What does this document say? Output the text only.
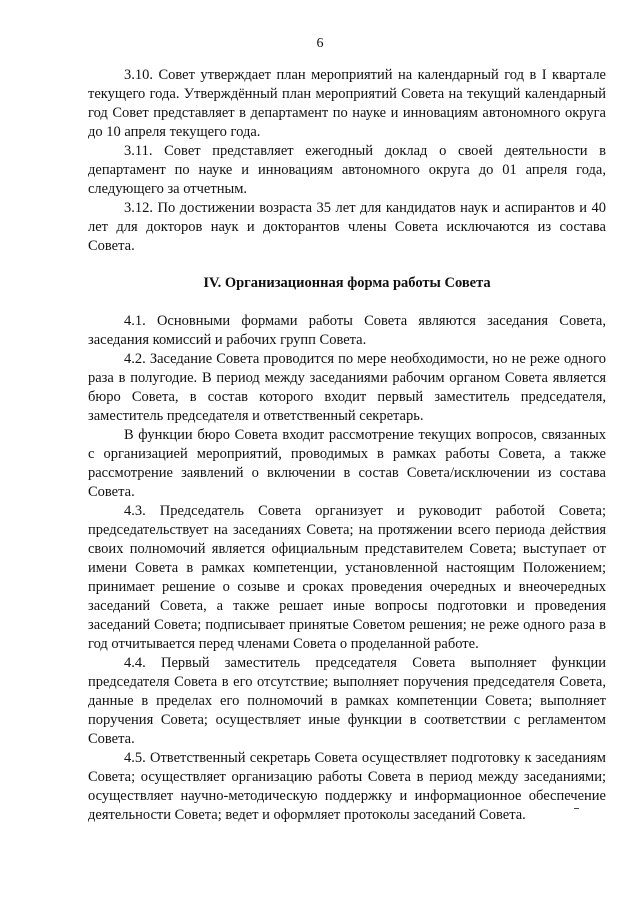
6

3.10. Совет утверждает план мероприятий на календарный год в I квартале текущего года. Утверждённый план мероприятий Совета на текущий календарный год Совет представляет в департамент по науке и инновациям автономного округа до 10 апреля текущего года.

3.11. Совет представляет ежегодный доклад о своей деятельности в департамент по науке и инновациям автономного округа до 01 апреля года, следующего за отчетным.

3.12. По достижении возраста 35 лет для кандидатов наук и аспирантов и 40 лет для докторов наук и докторантов члены Совета исключаются из состава Совета.

IV. Организационная форма работы Совета

4.1. Основными формами работы Совета являются заседания Совета, заседания комиссий и рабочих групп Совета.

4.2. Заседание Совета проводится по мере необходимости, но не реже одного раза в полугодие. В период между заседаниями рабочим органом Совета является бюро Совета, в состав которого входит первый заместитель председателя, заместитель председателя и ответственный секретарь.

В функции бюро Совета входит рассмотрение текущих вопросов, связанных с организацией мероприятий, проводимых в рамках работы Совета, а также рассмотрение заявлений о включении в состав Совета/исключении из состава Совета.

4.3. Председатель Совета организует и руководит работой Совета; председательствует на заседаниях Совета; на протяжении всего периода действия своих полномочий является официальным представителем Совета; выступает от имени Совета в рамках компетенции, установленной настоящим Положением; принимает решение о созыве и сроках проведения очередных и внеочередных заседаний Совета, а также решает иные вопросы подготовки и проведения заседаний Совета; подписывает принятые Советом решения; не реже одного раза в год отчитывается перед членами Совета о проделанной работе.

4.4. Первый заместитель председателя Совета выполняет функции председателя Совета в его отсутствие; выполняет поручения председателя Совета, данные в пределах его полномочий в рамках компетенции Совета; выполняет поручения Совета; осуществляет иные функции в соответствии с регламентом Совета.

4.5. Ответственный секретарь Совета осуществляет подготовку к заседаниям Совета; осуществляет организацию работы Совета в период между заседаниями; осуществляет научно-методическую поддержку и информационное обеспечение деятельности Совета; ведет и оформляет протоколы заседаний Совета.
